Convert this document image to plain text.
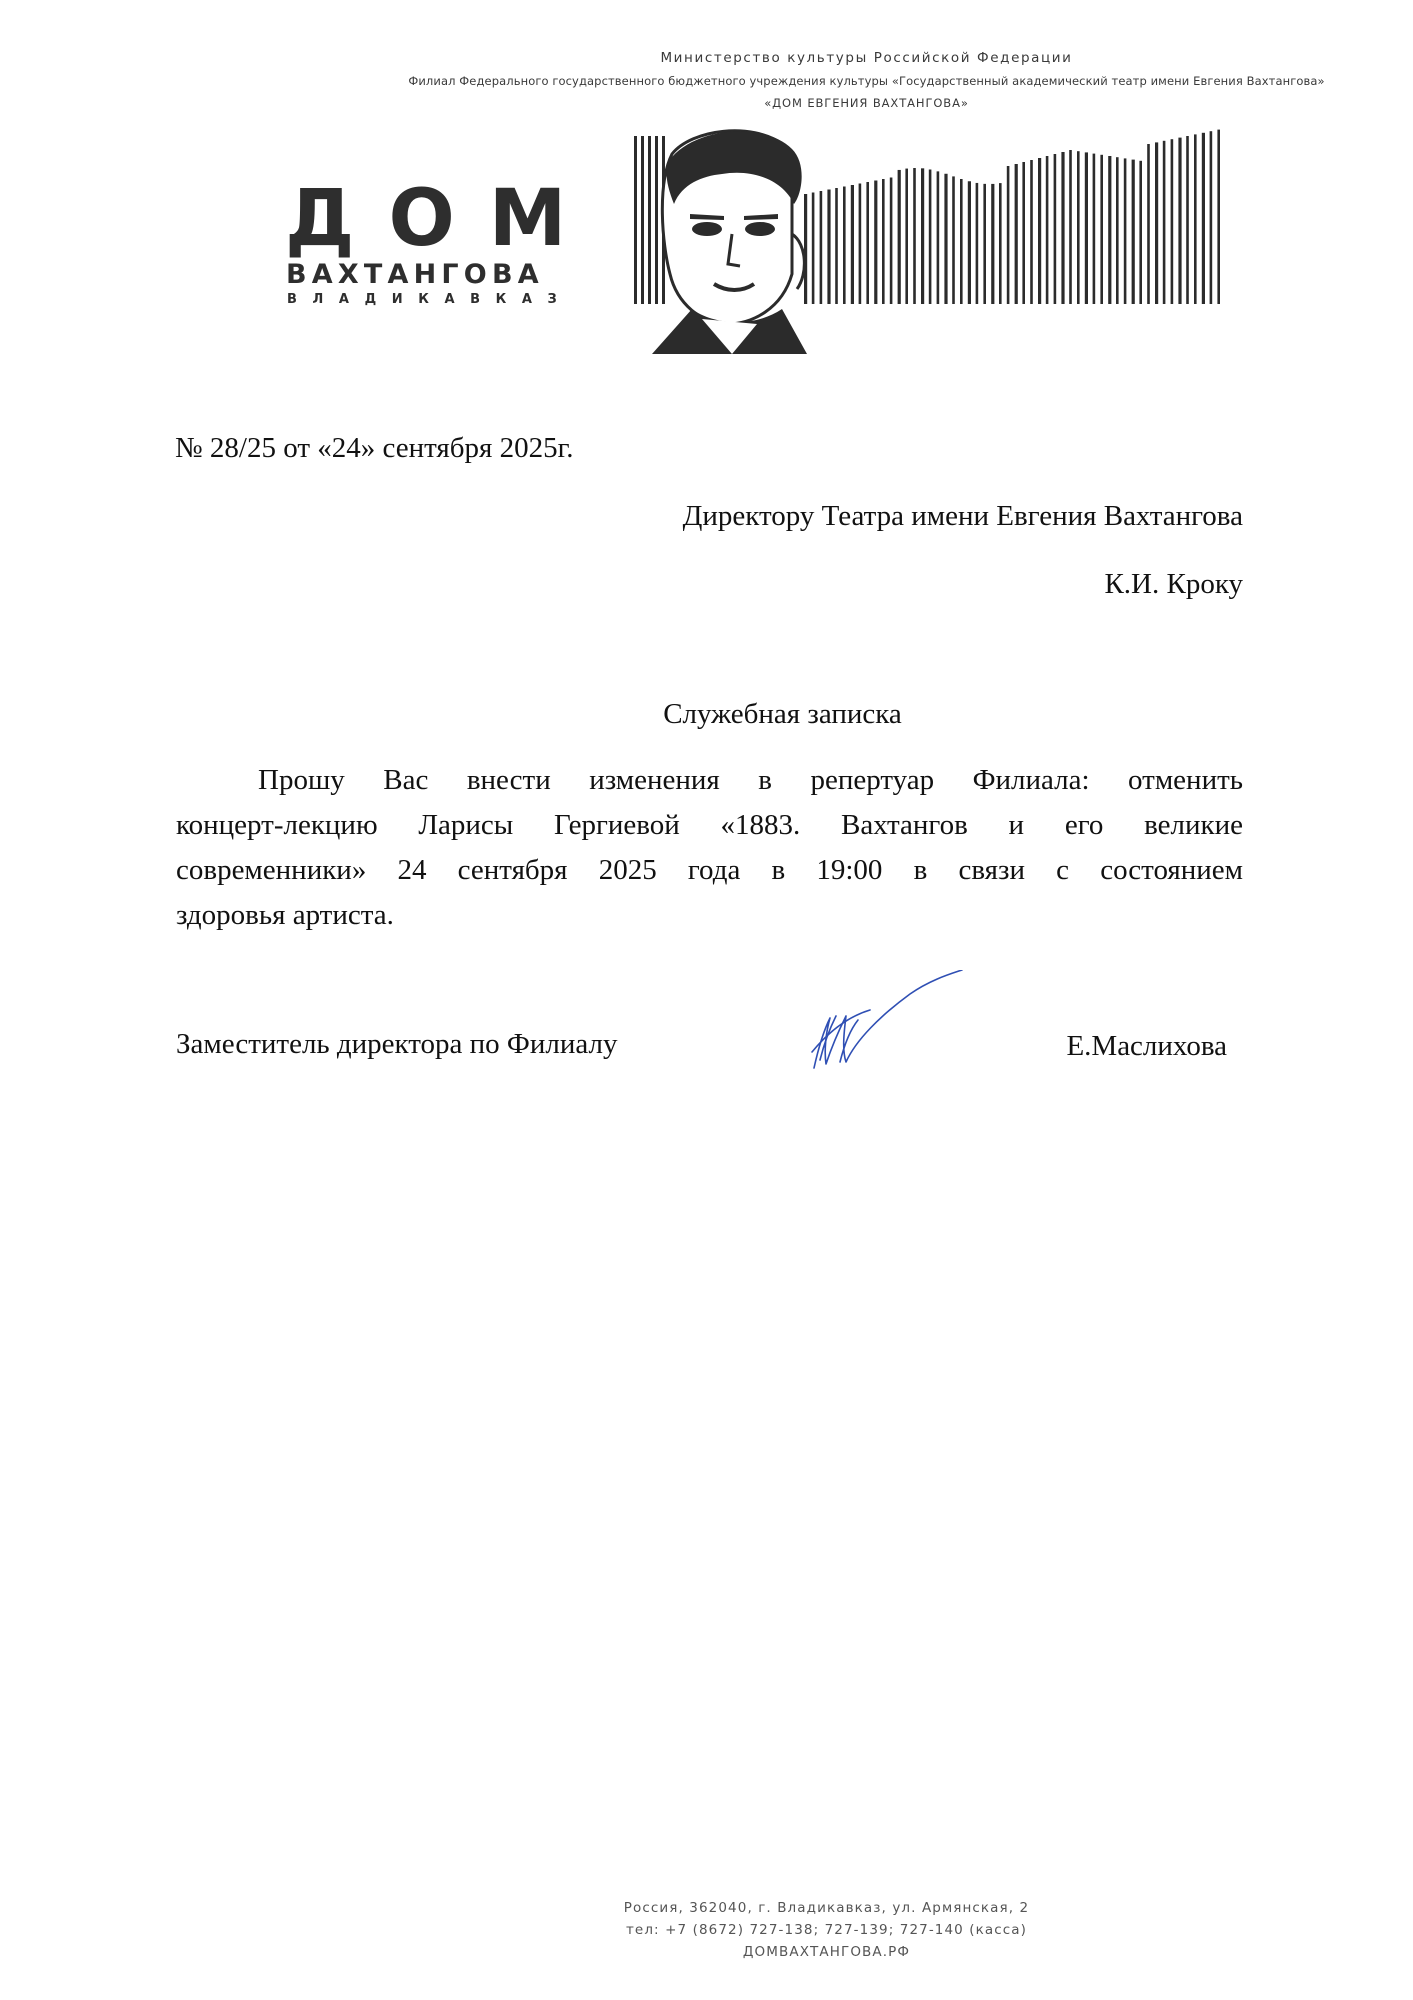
Министерство культуры Российской Федерации
Филиал Федерального государственного бюджетного учреждения культуры «Государственный академический театр имени Евгения Вахтангова»
«ДОМ ЕВГЕНИЯ ВАХТАНГОВА»
ДОМ
ВАХТАНГОВА
ВЛАДИКАВКАЗ
№ 28/25 от «24» сентября 2025г.
Директору Театра имени Евгения Вахтангова
К.И. Кроку
Служебная записка
Прошу Вас внести изменения в репертуар Филиала: отменить
концерт-лекцию Ларисы Гергиевой «1883. Вахтангов и его великие
современники» 24 сентября 2025 года в 19:00 в связи с состоянием
здоровья артиста.
Заместитель директора по Филиалу	Е.Маслихова
Россия, 362040, г. Владикавказ, ул. Армянская, 2
тел: +7 (8672) 727-138; 727-139; 727-140 (касса)
ДОМВАХТАНГОВА.РФ
